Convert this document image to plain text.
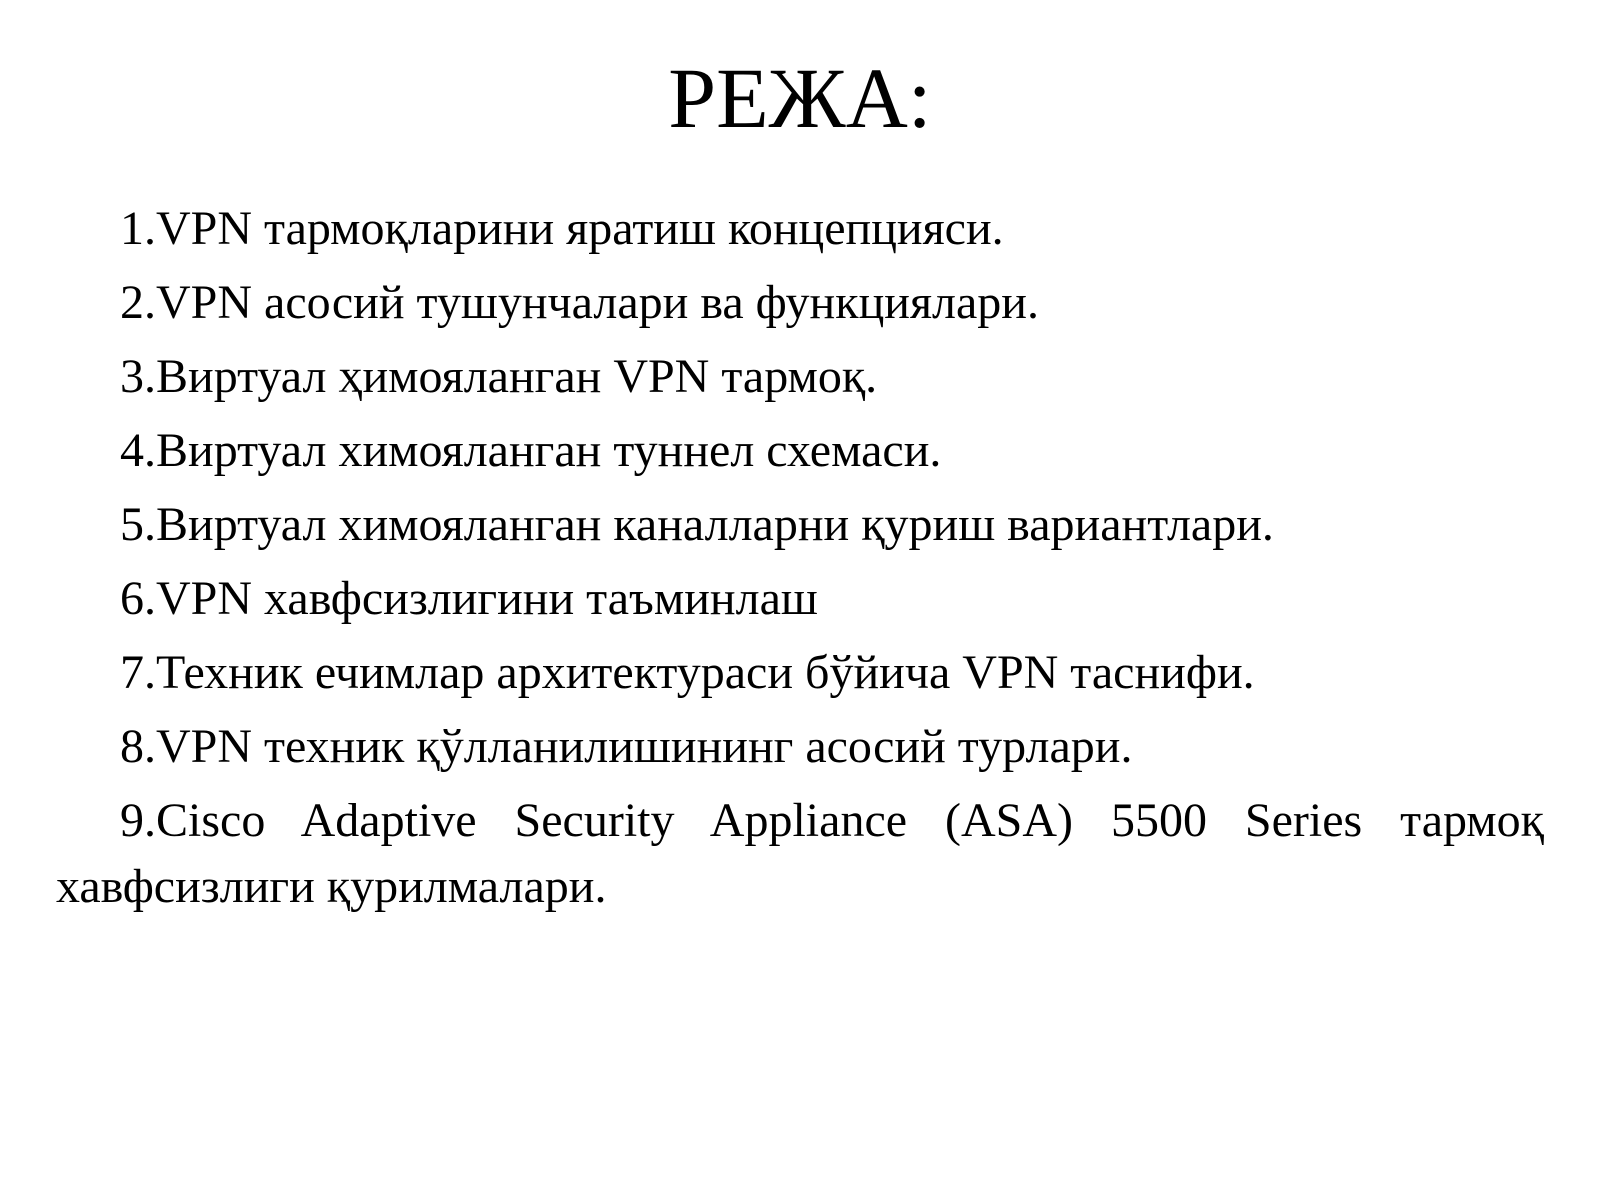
РЕЖА:
1.VPN тармоқларини яратиш концепцияси.
2.VPN асосий тушунчалари ва функциялари.
3.Виртуал ҳимояланган VPN тармоқ.
4.Виртуал химояланган туннел схемаси.
5.Виртуал химояланган каналларни қуриш вариантлари.
6.VPN хавфсизлигини таъминлаш
7.Техник ечимлар архитектураси бўйича VPN таснифи.
8.VPN техник қўлланилишининг асосий турлари.
9.Cisco Adaptive Security Appliance (ASA) 5500 Series тармоқ хавфсизлиги қурилмалари.
